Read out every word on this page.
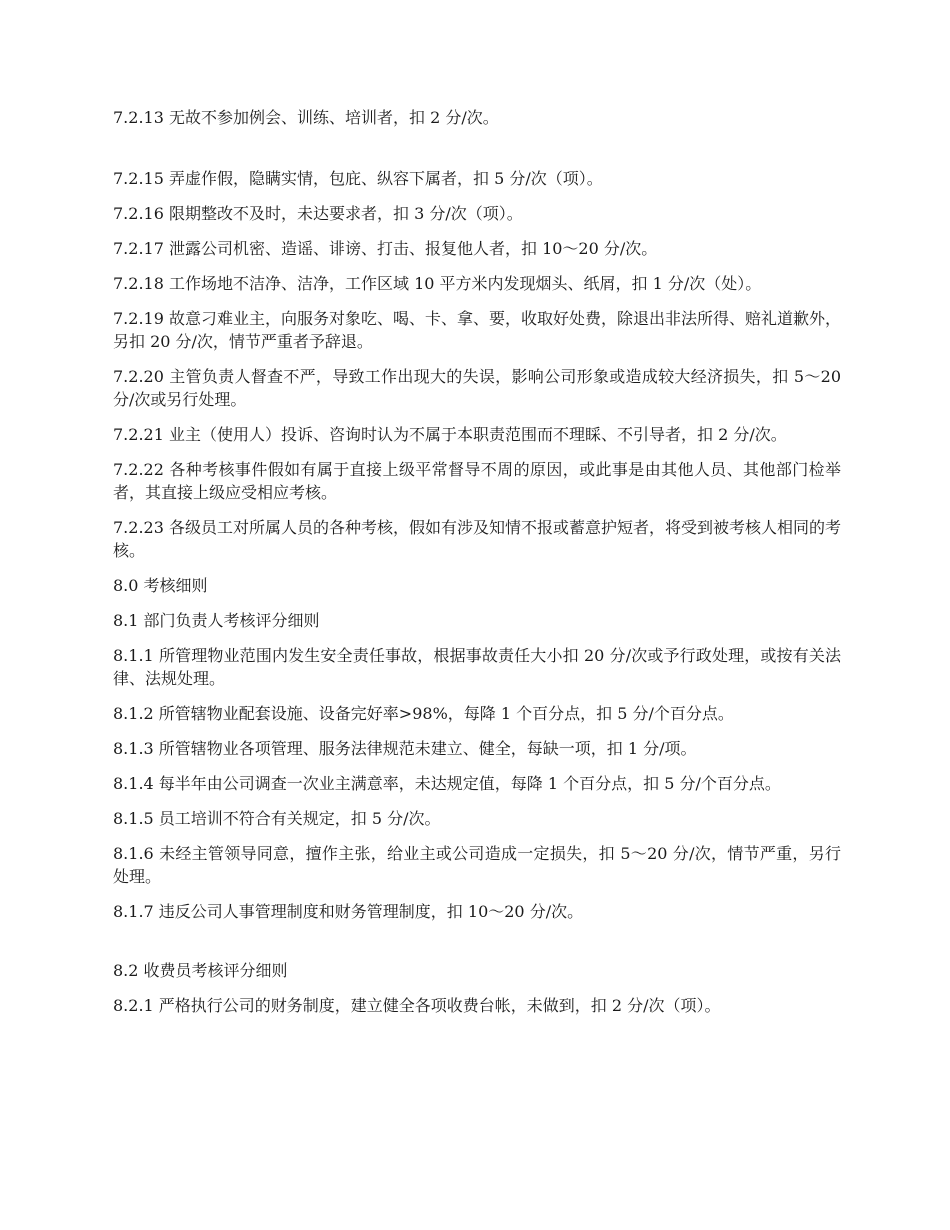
7.2.13 无故不参加例会、训练、培训者，扣 2 分/次。

7.2.15 弄虚作假，隐瞒实情，包庇、纵容下属者，扣 5 分/次（项）。

7.2.16 限期整改不及时，未达要求者，扣 3 分/次（项）。

7.2.17 泄露公司机密、造谣、诽谤、打击、报复他人者，扣 10～20 分/次。

7.2.18 工作场地不洁净、洁净，工作区域 10 平方米内发现烟头、纸屑，扣 1 分/次（处）。

7.2.19 故意刁难业主，向服务对象吃、喝、卡、拿、要，收取好处费，除退出非法所得、赔礼道歉外，另扣 20 分/次，情节严重者予辞退。

7.2.20 主管负责人督查不严，导致工作出现大的失误，影响公司形象或造成较大经济损失，扣 5～20 分/次或另行处理。

7.2.21 业主（使用人）投诉、咨询时认为不属于本职责范围而不理睬、不引导者，扣 2 分/次。

7.2.22 各种考核事件假如有属于直接上级平常督导不周的原因，或此事是由其他人员、其他部门检举者，其直接上级应受相应考核。

7.2.23 各级员工对所属人员的各种考核，假如有涉及知情不报或蓄意护短者，将受到被考核人相同的考核。

8.0 考核细则

8.1 部门负责人考核评分细则

8.1.1 所管理物业范围内发生安全责任事故，根据事故责任大小扣 20 分/次或予行政处理，或按有关法律、法规处理。

8.1.2 所管辖物业配套设施、设备完好率>98%，每降 1 个百分点，扣 5 分/个百分点。

8.1.3 所管辖物业各项管理、服务法律规范未建立、健全，每缺一项，扣 1 分/项。

8.1.4 每半年由公司调查一次业主满意率，未达规定值，每降 1 个百分点，扣 5 分/个百分点。

8.1.5 员工培训不符合有关规定，扣 5 分/次。

8.1.6 未经主管领导同意，擅作主张，给业主或公司造成一定损失，扣 5～20 分/次，情节严重，另行处理。

8.1.7 违反公司人事管理制度和财务管理制度，扣 10～20 分/次。

8.2 收费员考核评分细则

8.2.1 严格执行公司的财务制度，建立健全各项收费台帐，未做到，扣 2 分/次（项）。
